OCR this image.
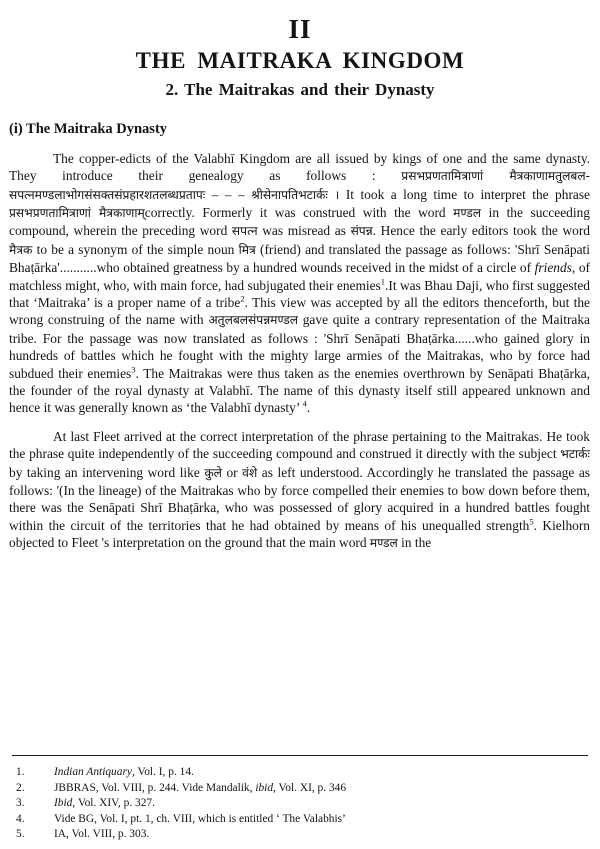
II
THE MAITRAKA KINGDOM
2. The Maitrakas and their Dynasty
(i) The Maitraka Dynasty

The copper-edicts of the Valabhī Kingdom are all issued by kings of one and the same dynasty. They introduce their genealogy as follows : प्रसभप्रणतामित्राणां मैत्रकाणामतुलबल-सपत्नमण्डलाभोगसंसक्तसंप्रहारशतलब्धप्रतापः – – – श्रीसेनापतिभटार्कः । It took a long time to interpret the phrase प्रसभप्रणतामित्राणां मैत्रकाणाम्correctly. Formerly it was construed with the word मण्डल in the succeeding compound, wherein the preceding word सपत्न was misread as संपन्न. Hence the early editors took the word मैत्रक to be a synonym of the simple noun मित्र (friend) and translated the passage as follows: 'Shrī Senāpati Bhaṭārka'...........who obtained greatness by a hundred wounds received in the midst of a circle of friends, of matchless might, who, with main force, had subjugated their enemies$^1$.It was Bhau Daji, who first suggested that ‘Maitraka’ is a proper name of a tribe$^2$. This view was accepted by all the editors thenceforth, but the wrong construing of the name with अतुलबलसंपन्नमण्डल gave quite a contrary representation of the Maitraka tribe. For the passage was now translated as follows : 'Shrī Senāpati Bhaṭārka......who gained glory in hundreds of battles which he fought with the mighty large armies of the Maitrakas, who by force had subdued their enemies$^3$. The Maitrakas were thus taken as the enemies overthrown by Senāpati Bhaṭārka, the founder of the royal dynasty at Valabhī. The name of this dynasty itself still appeared unknown and hence it was generally known as ‘the Valabhī dynasty’ $^4$.

At last Fleet arrived at the correct interpretation of the phrase pertaining to the Maitrakas. He took the phrase quite independently of the succeeding compound and construed it directly with the subject भटार्कः by taking an intervening word like कुले or वंशे as left understood. Accordingly he translated the passage as follows: '(In the lineage) of the Maitrakas who by force compelled their enemies to bow down before them, there was the Senāpati Shrī Bhaṭārka, who was possessed of glory acquired in a hundred battles fought within the circuit of the territories that he had obtained by means of his unequalled strength$^5$. Kielhorn objected to Fleet 's interpretation on the ground that the main word मण्डल in the

1.	Indian Antiquary, Vol. I, p. 14.
2.	JBBRAS, Vol. VIII, p. 244. Vide Mandalik, ibid, Vol. XI, p. 346
3.	Ibid, Vol. XIV, p. 327.
4.	Vide BG, Vol. I, pt. 1, ch. VIII, which is entitled ‘ The Valabhis’
5.	IA, Vol. VIII, p. 303.
